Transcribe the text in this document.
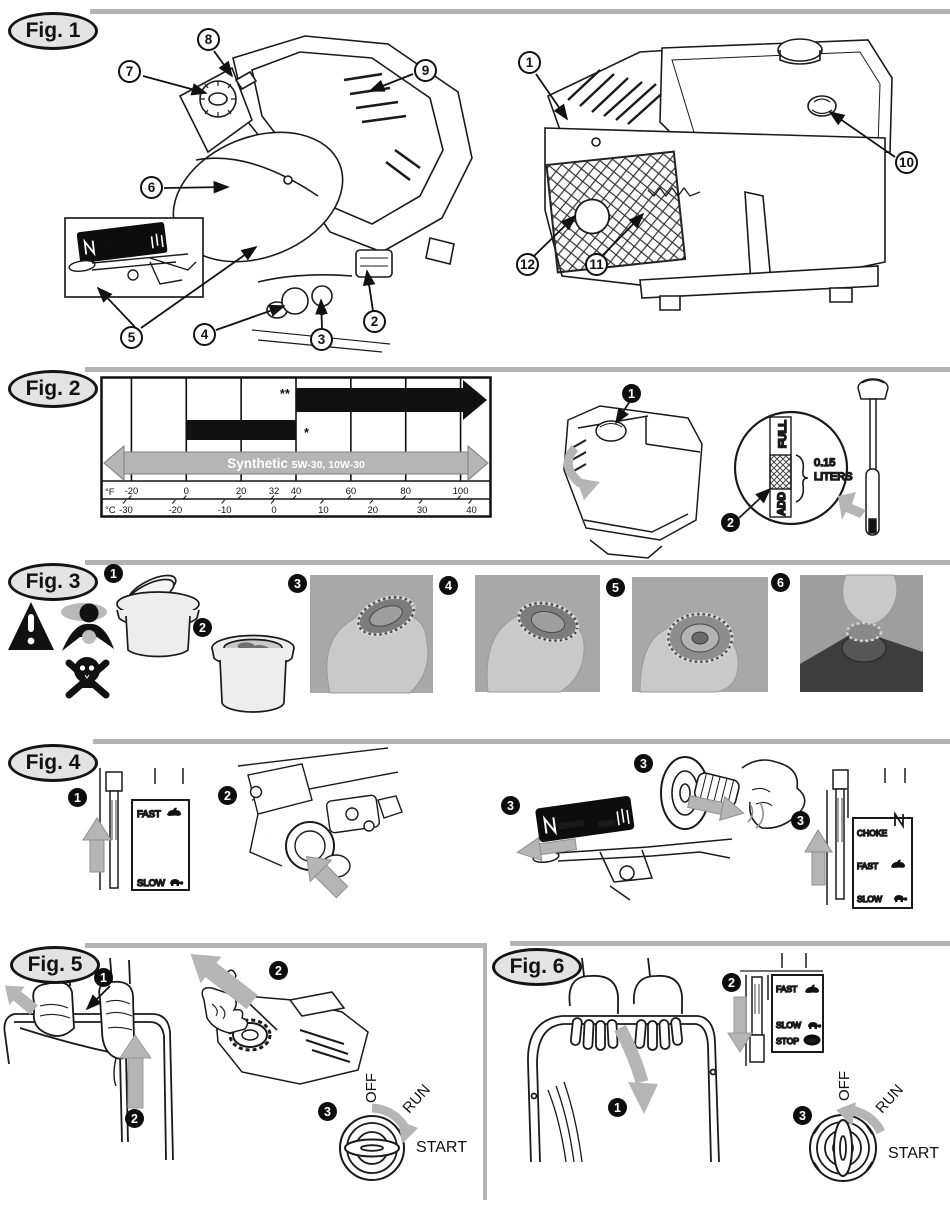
Fig. 1
CHOKE RUN
1
2
3
4
5
6
7
8
9
10
11
12
Fig. 2
30
**
5W-30, 10W-30 *
Synthetic 5W-30, 10W-30
°F -20	0	20 32 40	60	80	100
°C -30	-20	-10	0	10	20	30	40
FULL
ADD
0.15
LITERS
1
2
Fig. 3	1
2
3	4	5	6
Fig. 4
FAST
SLOW
CHOKE RUN
CHOKE
FAST
SLOW
1	2
3
3
3
Fig. 5
OFF RUN
START
1
2
2
3
Fig. 6
FAST
SLOW
STOP STOP
OFF RUN
START
1
2
3
